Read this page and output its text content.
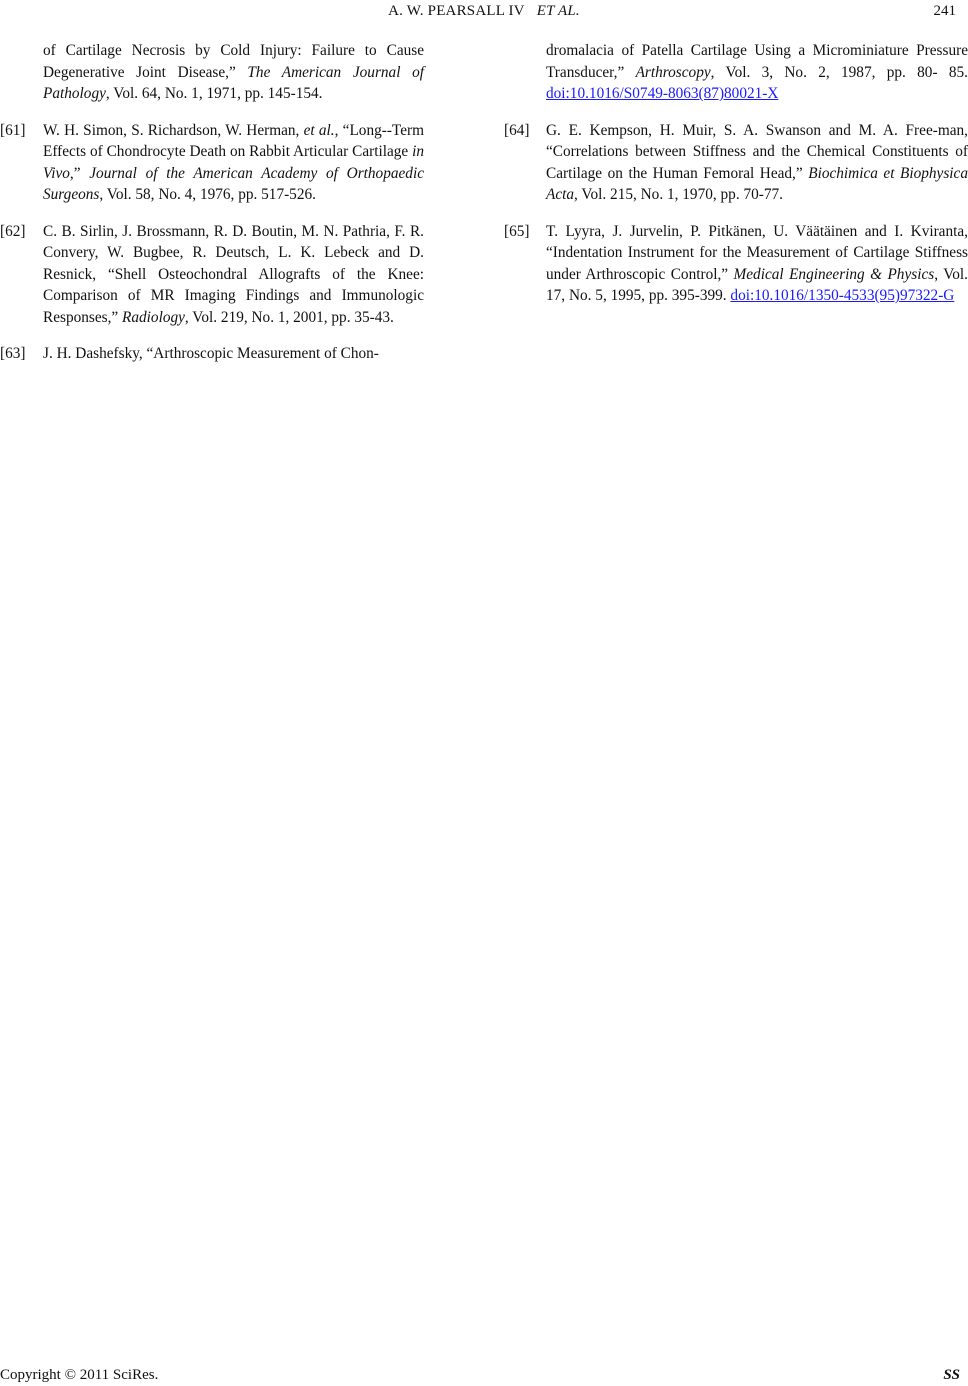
A. W. PEARSALL IV ET AL.	241
of Cartilage Necrosis by Cold Injury: Failure to Cause Degenerative Joint Disease,” The American Journal of Pathology, Vol. 64, No. 1, 1971, pp. 145-154.
[61] W. H. Simon, S. Richardson, W. Herman, et al., “Long--Term Effects of Chondrocyte Death on Rabbit Articular Cartilage in Vivo,” Journal of the American Academy of Orthopaedic Surgeons, Vol. 58, No. 4, 1976, pp. 517-526.
[62] C. B. Sirlin, J. Brossmann, R. D. Boutin, M. N. Pathria, F. R. Convery, W. Bugbee, R. Deutsch, L. K. Lebeck and D. Resnick, “Shell Osteochondral Allografts of the Knee: Comparison of MR Imaging Findings and Immunologic Responses,” Radiology, Vol. 219, No. 1, 2001, pp. 35-43.
[63] J. H. Dashefsky, “Arthroscopic Measurement of Chon-
dromalacia of Patella Cartilage Using a Microminiature Pressure Transducer,” Arthroscopy, Vol. 3, No. 2, 1987, pp. 80- 85. doi:10.1016/S0749-8063(87)80021-X
[64] G. E. Kempson, H. Muir, S. A. Swanson and M. A. Free-man, “Correlations between Stiffness and the Chemical Constituents of Cartilage on the Human Femoral Head,” Biochimica et Biophysica Acta, Vol. 215, No. 1, 1970, pp. 70-77.
[65] T. Lyyra, J. Jurvelin, P. Pitkänen, U. Väätäinen and I. Kviranta, “Indentation Instrument for the Measurement of Cartilage Stiffness under Arthroscopic Control,” Medical Engineering & Physics, Vol. 17, No. 5, 1995, pp. 395-399. doi:10.1016/1350-4533(95)97322-G
Copyright © 2011 SciRes.	SS
